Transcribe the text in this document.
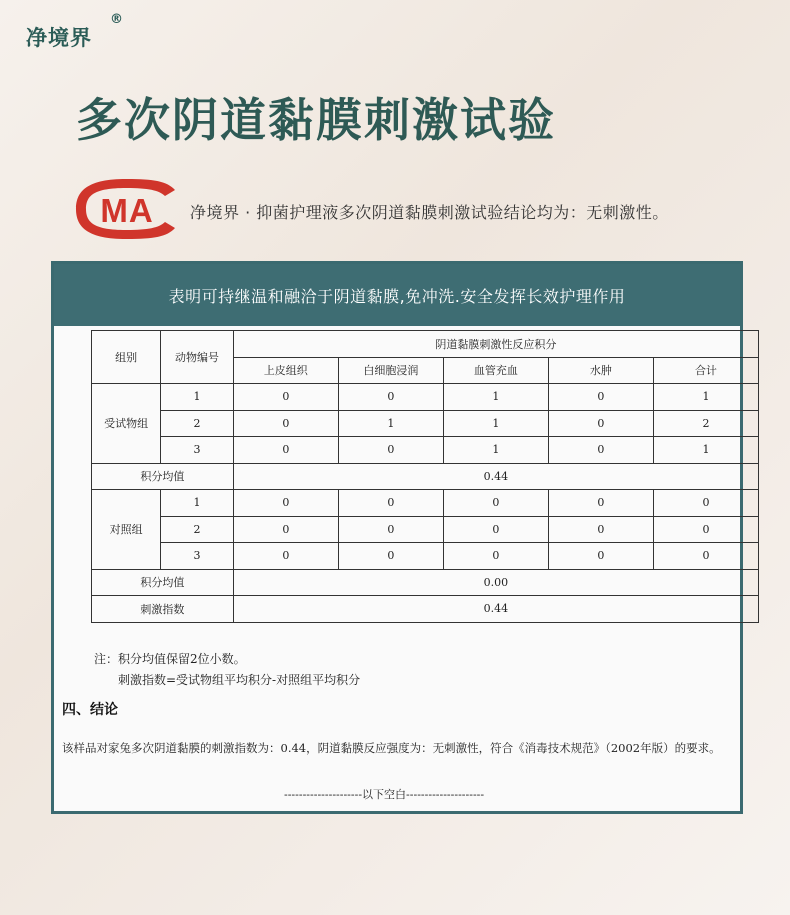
净境界
®
多次阴道黏膜刺激试验
MA 净境界 · 抑菌护理液多次阴道黏膜刺激试验结论均为：无刺激性。
表明可持继温和融洽于阴道黏膜,免冲洗.安全发挥长效护理作用
组别	动物编号	阴道黏膜刺激性反应积分				
		上皮组织	白细胞浸润	血管充血	水肿	合计
受试物组	1	0	0	1	0	1
	2	0	1	1	0	2
	3	0	0	1	0	1
积分均值		0.44				
对照组	1	0	0	0	0	0
	2	0	0	0	0	0
	3	0	0	0	0	0
积分均值		0.00				
刺激指数		0.44				
注：积分均值保留2位小数。
刺激指数=受试物组平均积分-对照组平均积分
四、结论
该样品对家兔多次阴道黏膜的刺激指数为：0.44，阴道黏膜反应强度为：无刺激性，符合《消毒技术规范》（2002年版）的要求。
---------------------以下空白---------------------
